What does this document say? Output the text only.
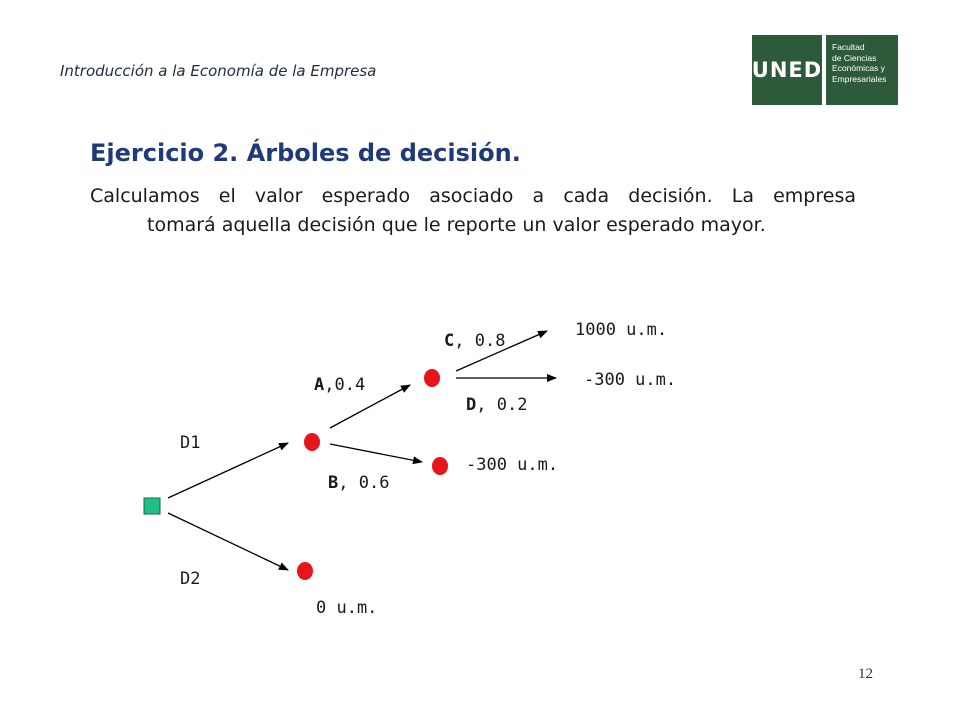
Introducción a la Economía de la Empresa	UNED
Facultad
de Ciencias
Económicas y
Empresariales
Ejercicio 2. Árboles de decisión.

Calculamos el valor esperado asociado a cada decisión. La empresa
tomará aquella decisión que le reporte un valor esperado mayor.

D1
D2
A,0.4
B, 0.6
C, 0.8
D, 0.2
1000 u.m.
-300 u.m.
-300 u.m.
0 u.m.
12
